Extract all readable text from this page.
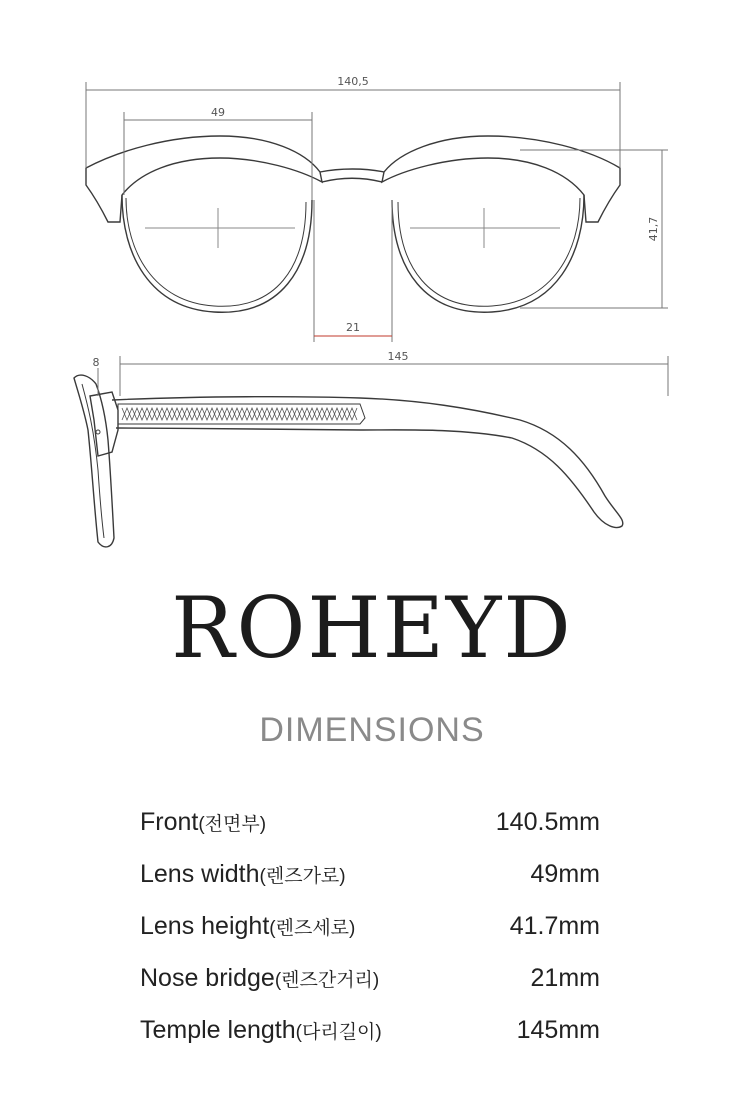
140,5
49
41,7
21
8	145
ROHEYD
DIMENSIONS
Front(전면부)	140.5mm
Lens width(렌즈가로)	49mm
Lens height(렌즈세로)	41.7mm
Nose bridge(렌즈간거리)	21mm
Temple length(다리길이)	145mm
